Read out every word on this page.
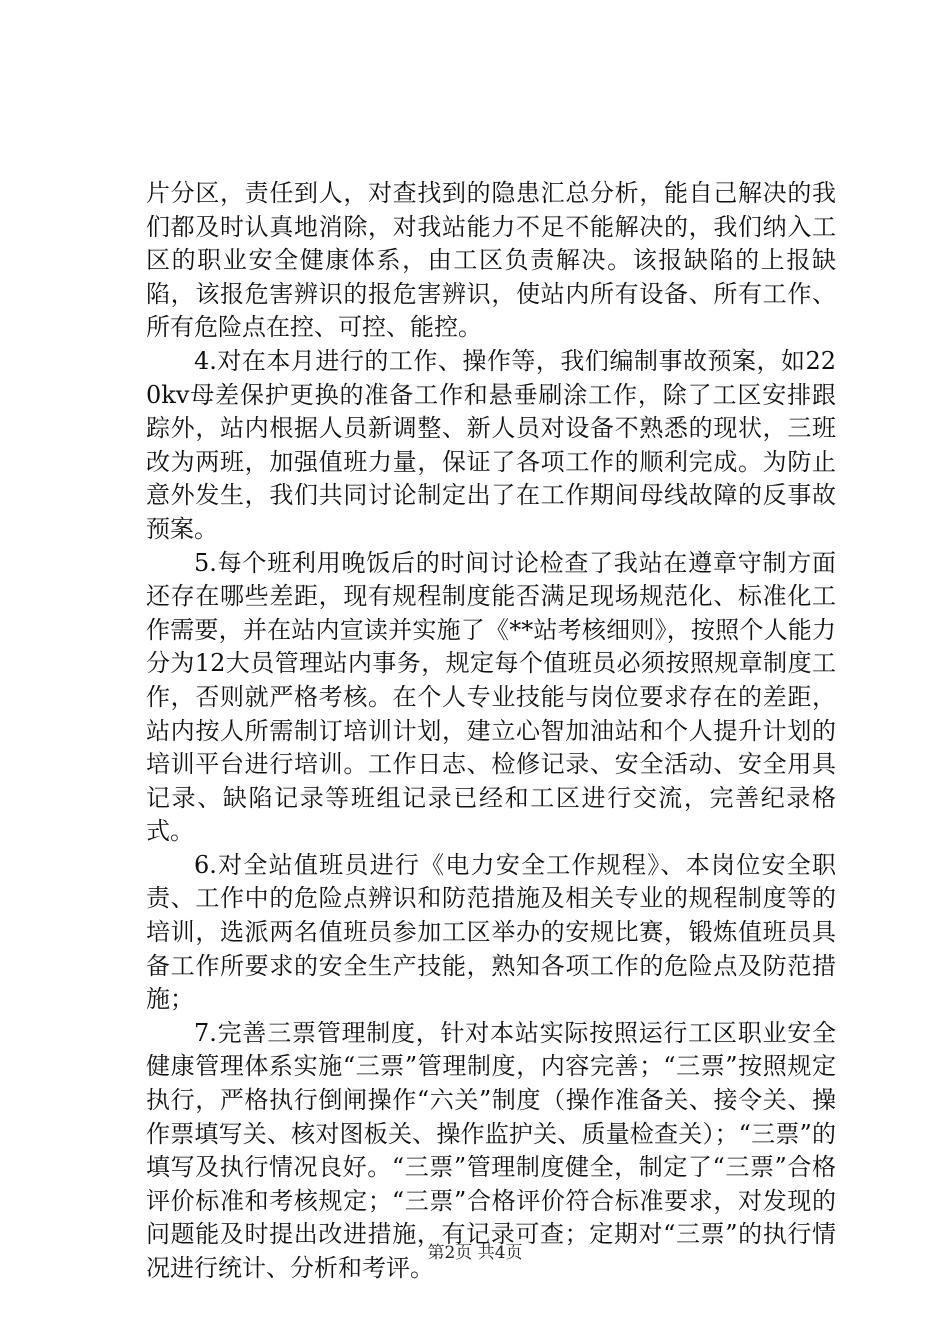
片分区，责任到人，对查找到的隐患汇总分析，能自己解决的我们都及时认真地消除，对我站能力不足不能解决的，我们纳入工区的职业安全健康体系，由工区负责解决。该报缺陷的上报缺陷，该报危害辨识的报危害辨识，使站内所有设备、所有工作、所有危险点在控、可控、能控。

4.对在本月进行的工作、操作等，我们编制事故预案，如220kv母差保护更换的准备工作和悬垂刷涂工作，除了工区安排跟踪外，站内根据人员新调整、新人员对设备不熟悉的现状，三班改为两班，加强值班力量，保证了各项工作的顺利完成。为防止意外发生，我们共同讨论制定出了在工作期间母线故障的反事故预案。

5.每个班利用晚饭后的时间讨论检查了我站在遵章守制方面还存在哪些差距，现有规程制度能否满足现场规范化、标准化工作需要，并在站内宣读并实施了《**站考核细则》，按照个人能力分为12大员管理站内事务，规定每个值班员必须按照规章制度工作，否则就严格考核。在个人专业技能与岗位要求存在的差距，站内按人所需制订培训计划，建立心智加油站和个人提升计划的培训平台进行培训。工作日志、检修记录、安全活动、安全用具记录、缺陷记录等班组记录已经和工区进行交流，完善纪录格式。

6.对全站值班员进行《电力安全工作规程》、本岗位安全职责、工作中的危险点辨识和防范措施及相关专业的规程制度等的培训，选派两名值班员参加工区举办的安规比赛，锻炼值班员具备工作所要求的安全生产技能，熟知各项工作的危险点及防范措施；

7.完善三票管理制度，针对本站实际按照运行工区职业安全健康管理体系实施“三票”管理制度，内容完善；“三票”按照规定执行，严格执行倒闸操作“六关”制度（操作准备关、接令关、操作票填写关、核对图板关、操作监护关、质量检查关）；“三票”的填写及执行情况良好。“三票”管理制度健全，制定了“三票”合格评价标准和考核规定；“三票”合格评价符合标准要求，对发现的问题能及时提出改进措施，有记录可查；定期对“三票”的执行情况进行统计、分析和考评。

第2页 共4页
